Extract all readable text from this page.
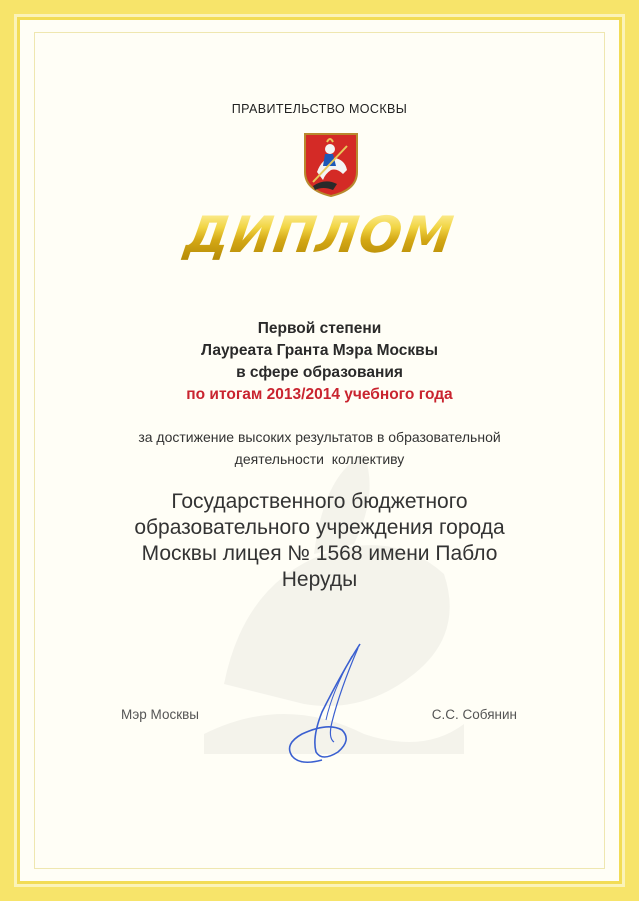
ПРАВИТЕЛЬСТВО МОСКВЫ
ДИПЛОМ
Первой степени
Лауреата Гранта Мэра Москвы
в сфере образования
по итогам 2013/2014 учебного года
за достижение высоких результатов в образовательной
деятельности  коллективу
Государственного бюджетного
образовательного учреждения города
Москвы лицея № 1568 имени Пабло
Неруды
Мэр Москвы	С.С. Собянин
